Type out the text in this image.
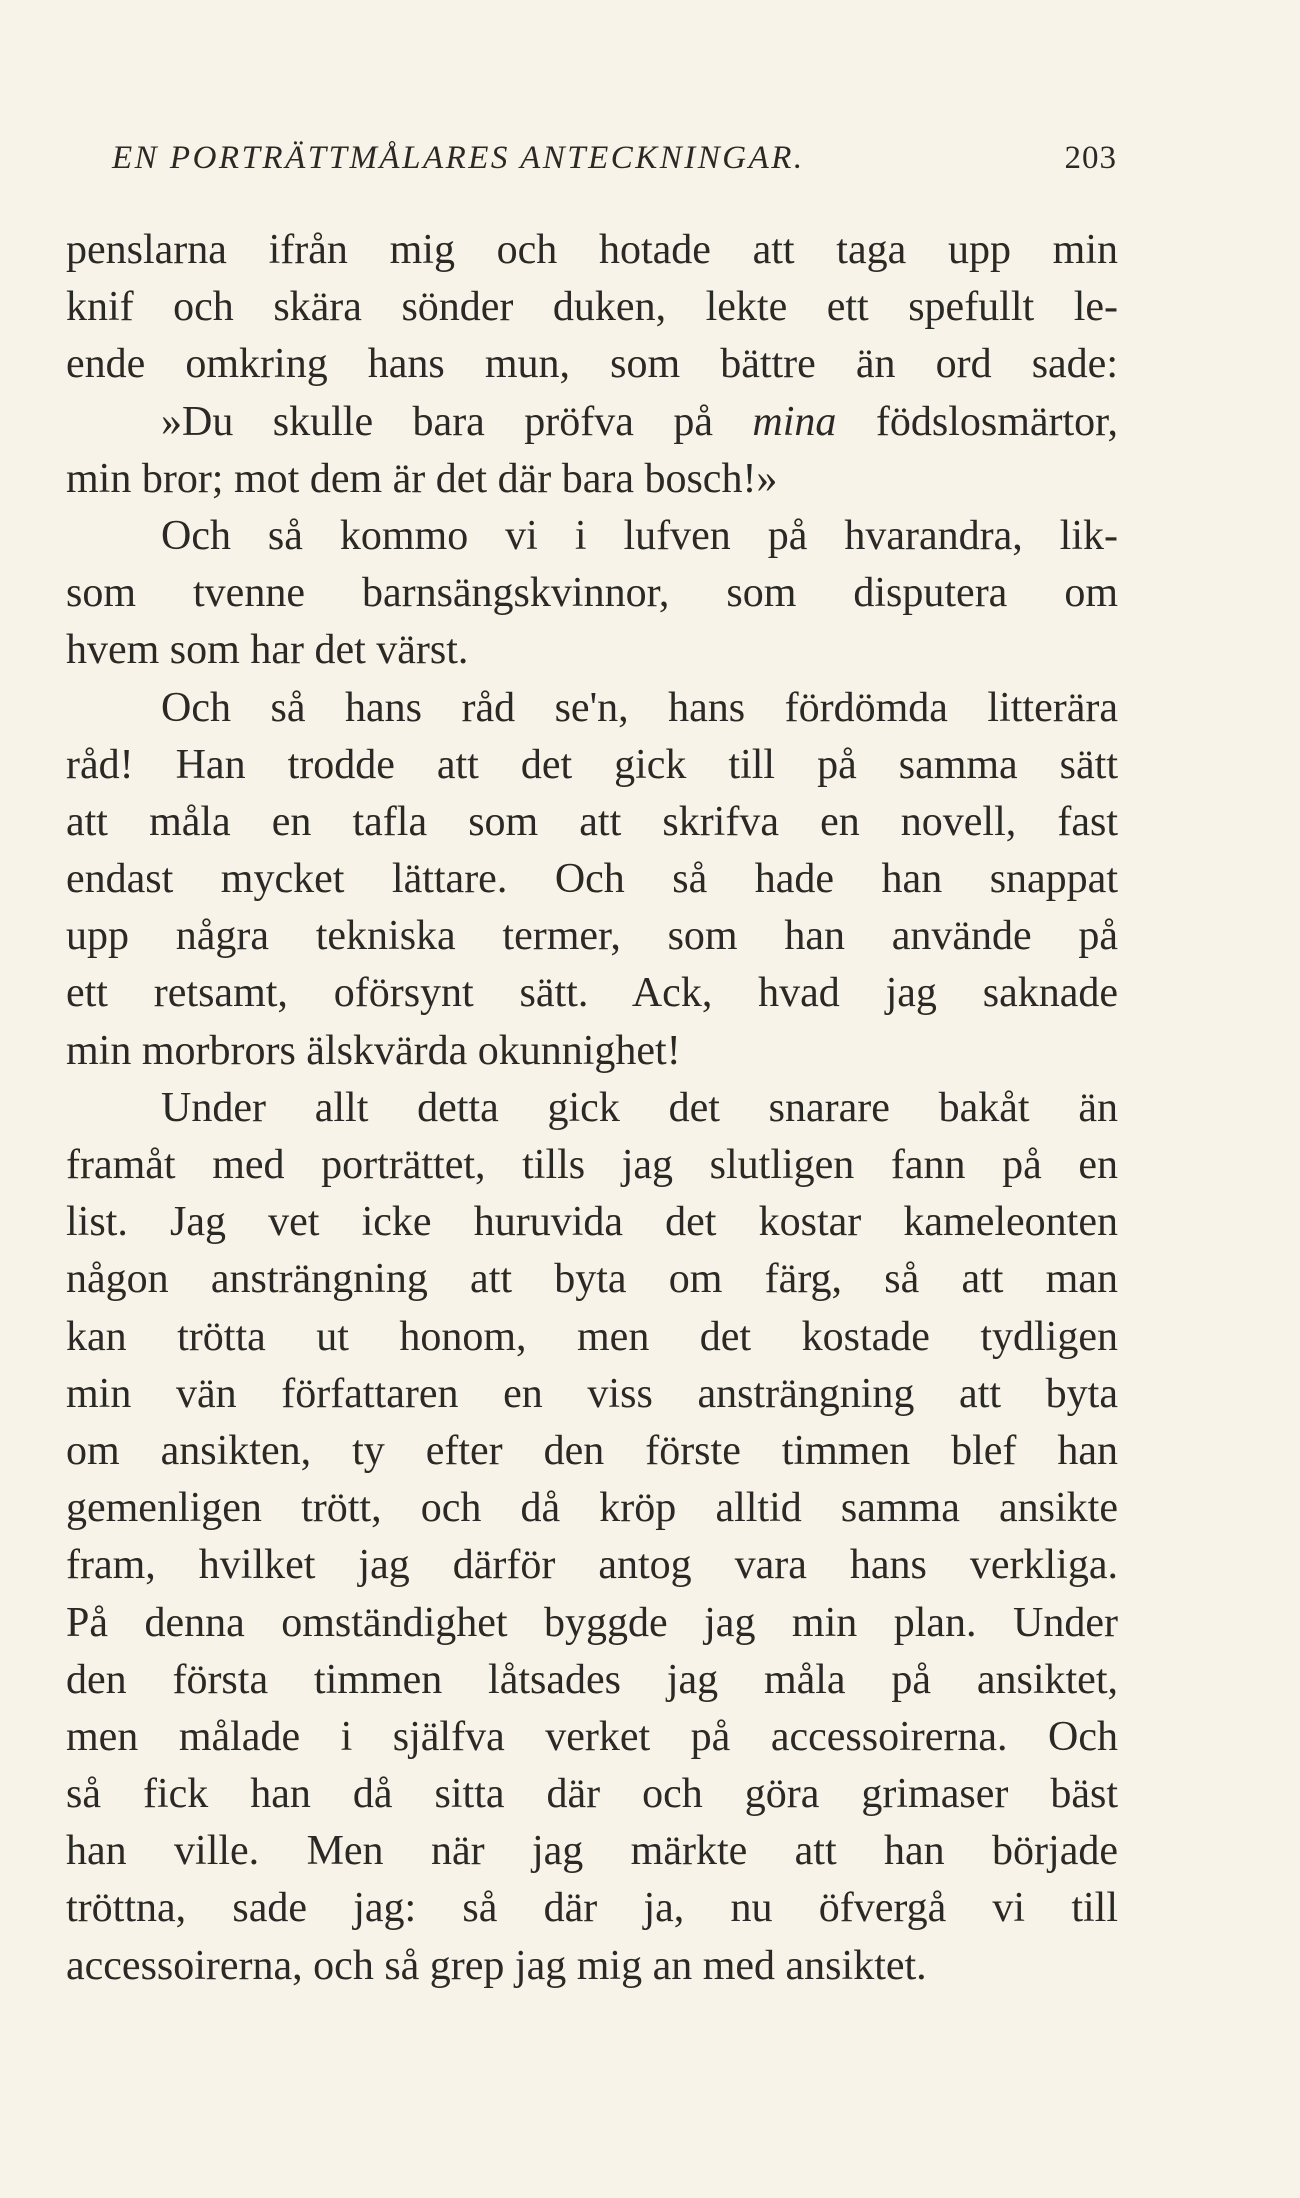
EN PORTRÄTTMÅLARES ANTECKNINGAR.	203
penslarna ifrån mig och hotade att taga upp min
knif och skära sönder duken, lekte ett spefullt le-
ende omkring hans mun, som bättre än ord sade:
»Du skulle bara pröfva på mina födslosmärtor,
min bror; mot dem är det där bara bosch!»
Och så kommo vi i lufven på hvarandra, lik-
som tvenne barnsängskvinnor, som disputera om
hvem som har det värst.
Och så hans råd se'n, hans fördömda litterära
råd! Han trodde att det gick till på samma sätt
att måla en tafla som att skrifva en novell, fast
endast mycket lättare. Och så hade han snappat
upp några tekniska termer, som han använde på
ett retsamt, oförsynt sätt. Ack, hvad jag saknade
min morbrors älskvärda okunnighet!
Under allt detta gick det snarare bakåt än
framåt med porträttet, tills jag slutligen fann på en
list. Jag vet icke huruvida det kostar kameleonten
någon ansträngning att byta om färg, så att man
kan trötta ut honom, men det kostade tydligen
min vän författaren en viss ansträngning att byta
om ansikten, ty efter den förste timmen blef han
gemenligen trött, och då kröp alltid samma ansikte
fram, hvilket jag därför antog vara hans verkliga.
På denna omständighet byggde jag min plan. Under
den första timmen låtsades jag måla på ansiktet,
men målade i själfva verket på accessoirerna. Och
så fick han då sitta där och göra grimaser bäst
han ville. Men när jag märkte att han började
tröttna, sade jag: så där ja, nu öfvergå vi till
accessoirerna, och så grep jag mig an med ansiktet.
